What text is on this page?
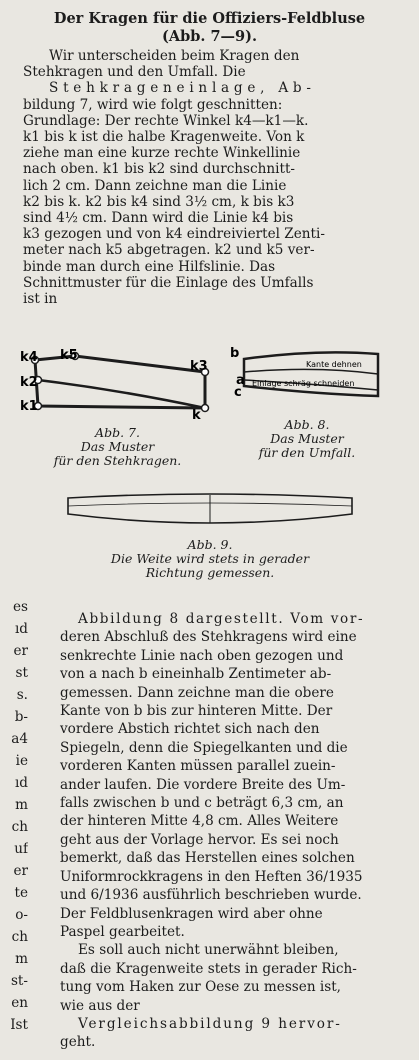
Der Kragen für die Offiziers-Feldbluse
(Abb. 7—9).
Wir unterscheiden beim Kragen den
Stehkragen und den Umfall. Die
Stehkrageneinlage, Ab-
bildung 7, wird wie folgt geschnitten:
Grundlage: Der rechte Winkel k4—k1—k.
k1 bis k ist die halbe Kragenweite. Von k
ziehe man eine kurze rechte Winkellinie
nach oben. k1 bis k2 sind durchschnitt-
lich 2 cm. Dann zeichne man die Linie
k2 bis k. k2 bis k4 sind 3½ cm, k bis k3
sind 4½ cm. Dann wird die Linie k4 bis
k3 gezogen und von k4 eindreiviertel Zenti-
meter nach k5 abgetragen. k2 und k5 ver-
binde man durch eine Hilfslinie. Das
Schnittmuster für die Einlage des Umfalls
ist in
k4 k5
k2
k1
k3
k
Abb. 7.
Das Muster
für den Stehkragen.
b
a
c
Kante dehnen
Einlage schräg schneiden
Abb. 8.
Das Muster
für den Umfall.
Abb. 9.
Die Weite wird stets in gerader
Richtung gemessen.
es
ıd
er
st
s.
b-
a4
ie
ıd
m
ch
uf
er
te
o-
ch
m
st-
en
Ist
Abbildung 8 dargestellt. Vom vor-
deren Abschluß des Stehkragens wird eine
senkrechte Linie nach oben gezogen und
von a nach b eineinhalb Zentimeter ab-
gemessen. Dann zeichne man die obere
Kante von b bis zur hinteren Mitte. Der
vordere Abstich richtet sich nach den
Spiegeln, denn die Spiegelkanten und die
vorderen Kanten müssen parallel zuein-
ander laufen. Die vordere Breite des Um-
falls zwischen b und c beträgt 6,3 cm, an
der hinteren Mitte 4,8 cm. Alles Weitere
geht aus der Vorlage hervor. Es sei noch
bemerkt, daß das Herstellen eines solchen
Uniformrockkragens in den Heften 36/1935
und 6/1936 ausführlich beschrieben wurde.
Der Feldblusenkragen wird aber ohne
Paspel gearbeitet.
Es soll auch nicht unerwähnt bleiben,
daß die Kragenweite stets in gerader Rich-
tung vom Haken zur Oese zu messen ist,
wie aus der
Vergleichsabbildung 9 hervor-
geht.
